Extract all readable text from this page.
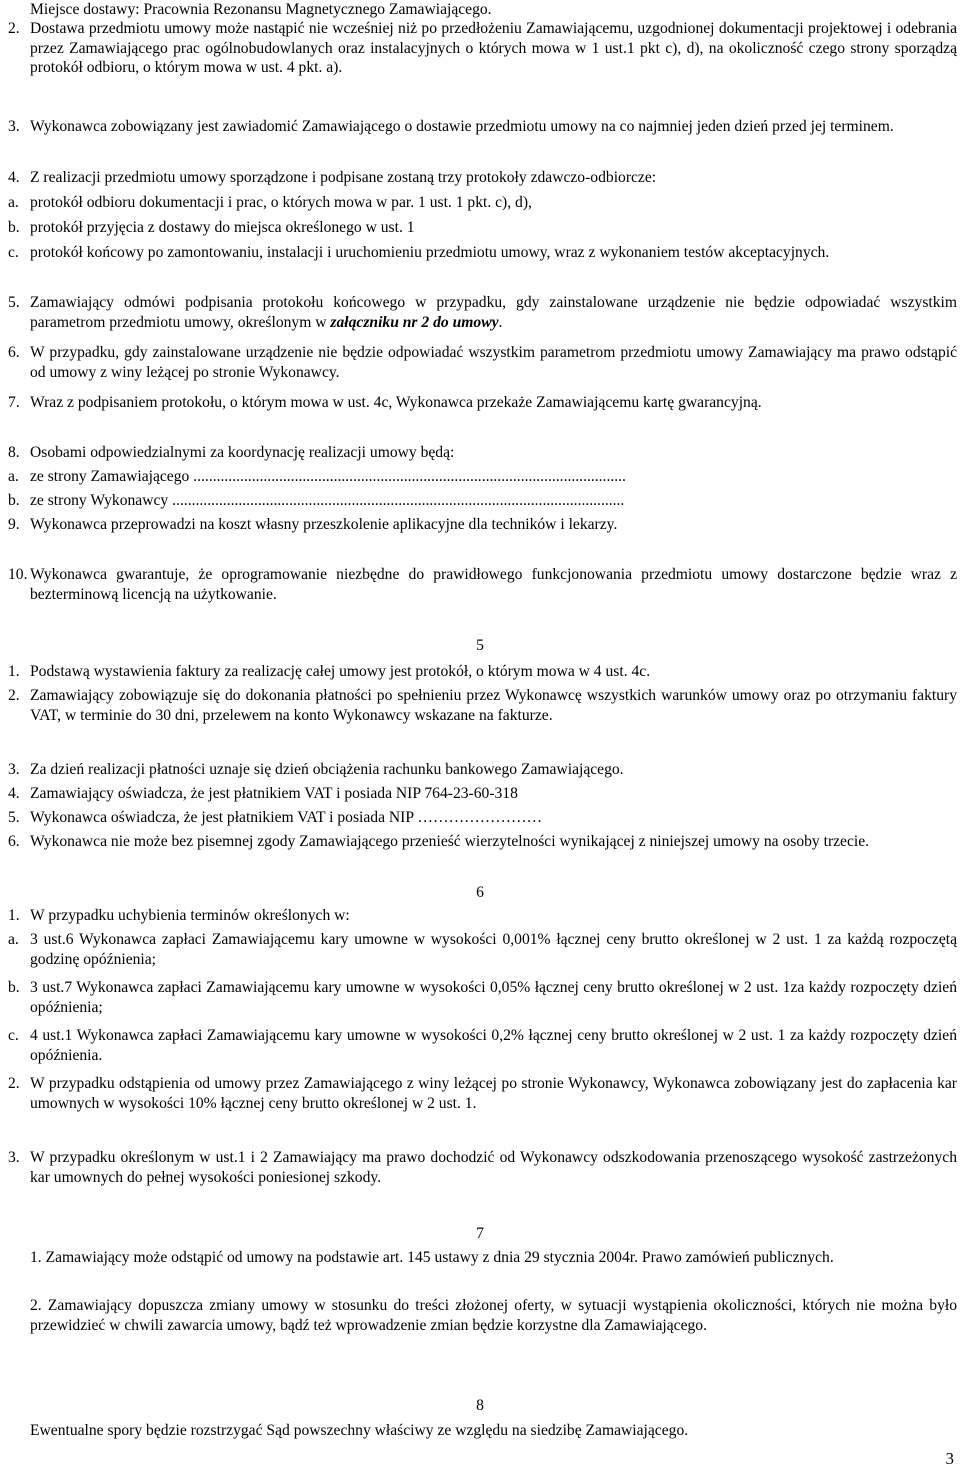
Miejsce dostawy: Pracownia Rezonansu Magnetycznego Zamawiającego.
2. Dostawa przedmiotu umowy może nastąpić nie wcześniej niż po przedłożeniu Zamawiającemu, uzgodnionej dokumentacji projektowej i odebrania przez Zamawiającego prac ogólnobudowlanych oraz instalacyjnych o których mowa w 1 ust.1 pkt c), d), na okoliczność czego strony sporządzą protokół odbioru, o którym mowa w ust. 4 pkt. a).
3. Wykonawca zobowiązany jest zawiadomić Zamawiającego o dostawie przedmiotu umowy na co najmniej jeden dzień przed jej terminem.
4. Z realizacji przedmiotu umowy sporządzone i podpisane zostaną trzy protokoły zdawczo-odbiorcze:
a. protokół odbioru dokumentacji i prac, o których mowa w par. 1 ust. 1 pkt. c), d),
b. protokół przyjęcia z dostawy do miejsca określonego w ust. 1
c. protokół końcowy po zamontowaniu, instalacji i uruchomieniu przedmiotu umowy, wraz z wykonaniem testów akceptacyjnych.
5. Zamawiający odmówi podpisania protokołu końcowego w przypadku, gdy zainstalowane urządzenie nie będzie odpowiadać wszystkim parametrom przedmiotu umowy, określonym w załączniku nr 2 do umowy.
6. W przypadku, gdy zainstalowane urządzenie nie będzie odpowiadać wszystkim parametrom przedmiotu umowy Zamawiający ma prawo odstąpić od umowy z winy leżącej po stronie Wykonawcy.
7. Wraz z podpisaniem protokołu, o którym mowa w ust. 4c, Wykonawca przekaże Zamawiającemu kartę gwarancyjną.
8. Osobami odpowiedzialnymi za koordynację realizacji umowy będą:
a. ze strony Zamawiającego ...............................................................................................................
b. ze strony Wykonawcy ....................................................................................................................
9. Wykonawca przeprowadzi na koszt własny przeszkolenie aplikacyjne dla techników i lekarzy.
10. Wykonawca gwarantuje, że oprogramowanie niezbędne do prawidłowego funkcjonowania przedmiotu umowy dostarczone będzie wraz z bezterminową licencją na użytkowanie.
5
1. Podstawą wystawienia faktury za realizację całej umowy jest protokół, o którym mowa w 4 ust. 4c.
2. Zamawiający zobowiązuje się do dokonania płatności po spełnieniu przez Wykonawcę wszystkich warunków umowy oraz po otrzymaniu faktury VAT, w terminie do 30 dni, przelewem na konto Wykonawcy wskazane na fakturze.
3. Za dzień realizacji płatności uznaje się dzień obciążenia rachunku bankowego Zamawiającego.
4. Zamawiający oświadcza, że jest płatnikiem VAT i posiada NIP 764-23-60-318
5. Wykonawca oświadcza, że jest płatnikiem VAT i posiada NIP ……………………
6. Wykonawca nie może bez pisemnej zgody Zamawiającego przenieść wierzytelności wynikającej z niniejszej umowy na osoby trzecie.
6
1. W przypadku uchybienia terminów określonych w:
a. 3 ust.6 Wykonawca zapłaci Zamawiającemu kary umowne w wysokości 0,001% łącznej ceny brutto określonej w 2 ust. 1 za każdą rozpoczętą godzinę opóźnienia;
b. 3 ust.7 Wykonawca zapłaci Zamawiającemu kary umowne w wysokości 0,05% łącznej ceny brutto określonej w 2 ust. 1za każdy rozpoczęty dzień opóźnienia;
c. 4 ust.1 Wykonawca zapłaci Zamawiającemu kary umowne w wysokości 0,2% łącznej ceny brutto określonej w 2 ust. 1 za każdy rozpoczęty dzień opóźnienia.
2. W przypadku odstąpienia od umowy przez Zamawiającego z winy leżącej po stronie Wykonawcy, Wykonawca zobowiązany jest do zapłacenia kar umownych w wysokości 10% łącznej ceny brutto określonej w 2 ust. 1.
3. W przypadku określonym w ust.1 i 2 Zamawiający ma prawo dochodzić od Wykonawcy odszkodowania przenoszącego wysokość zastrzeżonych kar umownych do pełnej wysokości poniesionej szkody.
7
1. Zamawiający może odstąpić od umowy na podstawie art. 145 ustawy z dnia 29 stycznia 2004r. Prawo zamówień publicznych.
2. Zamawiający dopuszcza zmiany umowy w stosunku do treści złożonej oferty, w sytuacji wystąpienia okoliczności, których nie można było przewidzieć w chwili zawarcia umowy, bądź też wprowadzenie zmian będzie korzystne dla Zamawiającego.
8
Ewentualne spory będzie rozstrzygać Sąd powszechny właściwy ze względu na siedzibę Zamawiającego.
3
